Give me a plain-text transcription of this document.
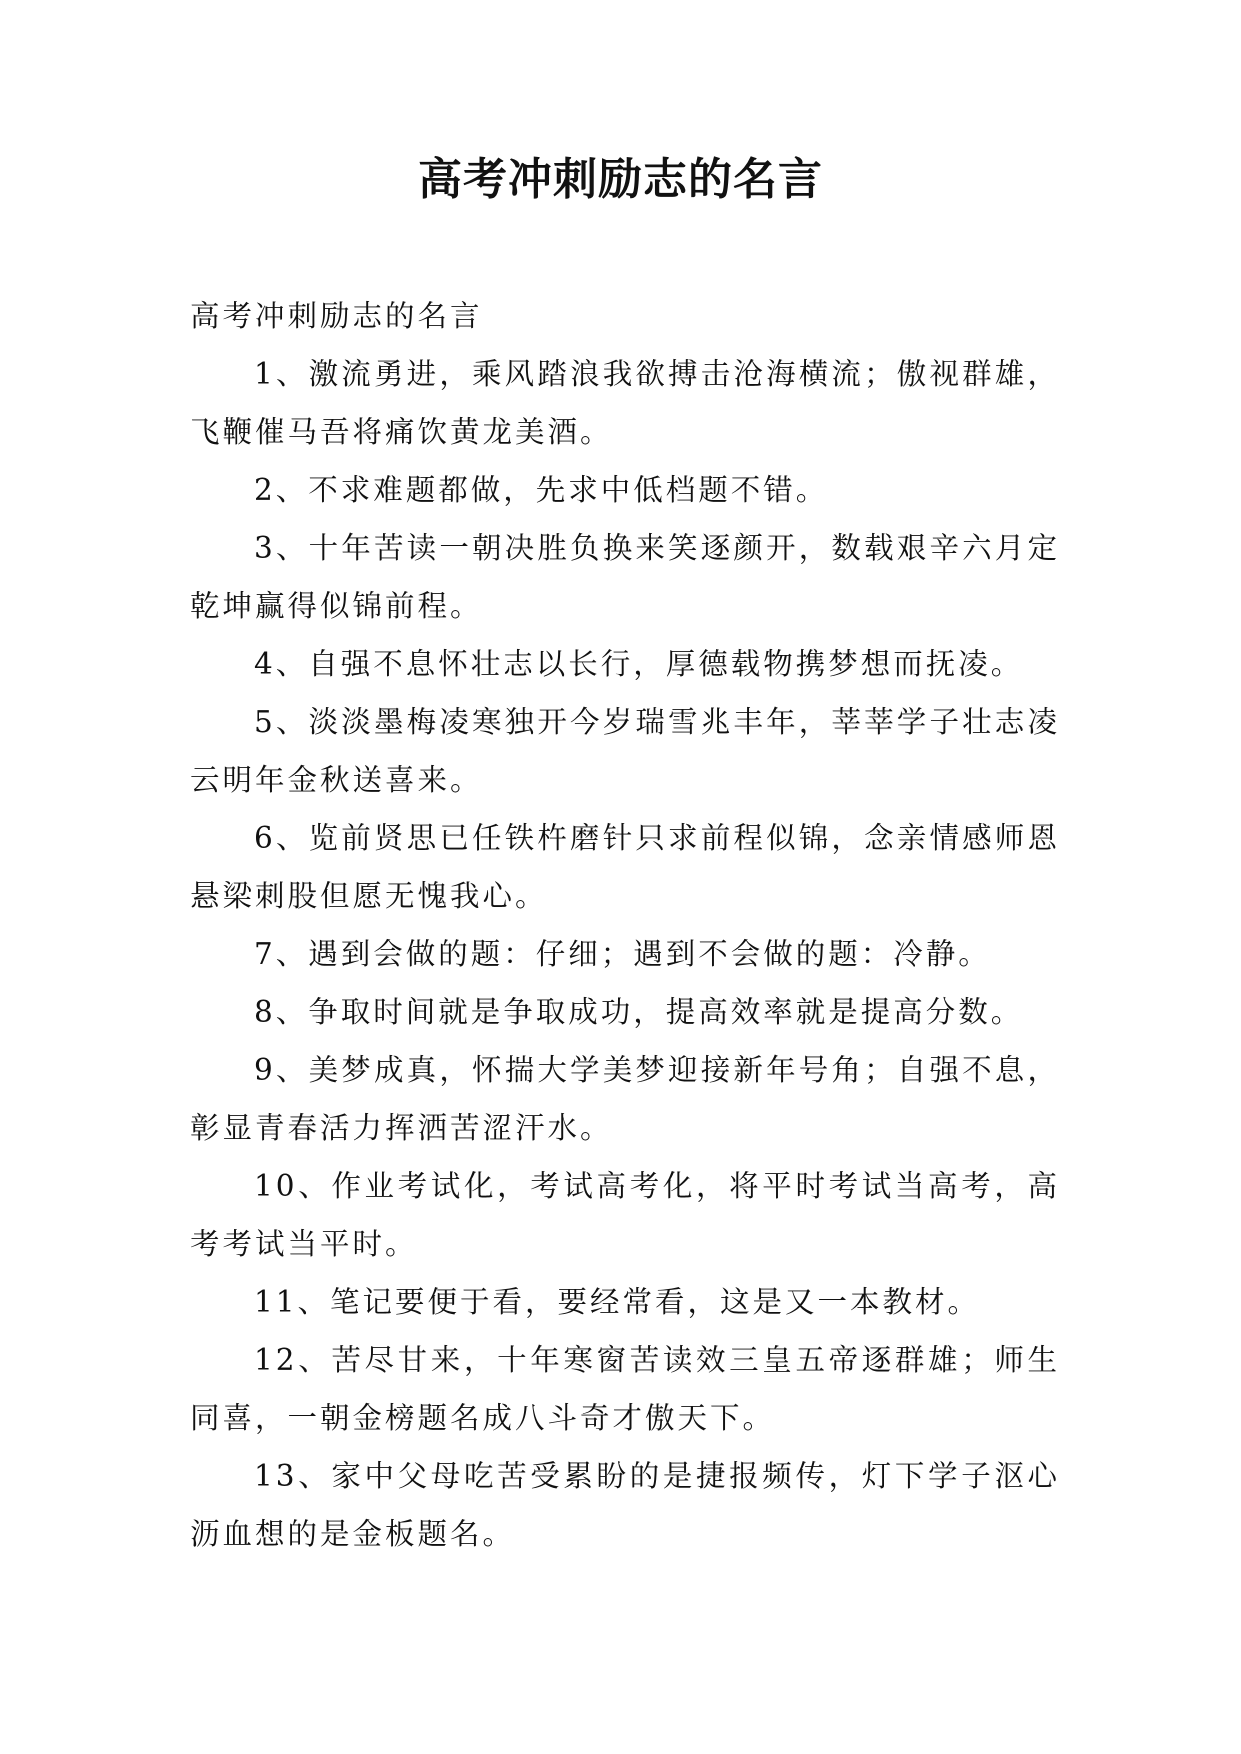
高考冲刺励志的名言

高考冲刺励志的名言

1、激流勇进，乘风踏浪我欲搏击沧海横流；傲视群雄，飞鞭催马吾将痛饮黄龙美酒。

2、不求难题都做，先求中低档题不错。

3、十年苦读一朝决胜负换来笑逐颜开，数载艰辛六月定乾坤赢得似锦前程。

4、自强不息怀壮志以长行，厚德载物携梦想而抚凌。

5、淡淡墨梅凌寒独开今岁瑞雪兆丰年，莘莘学子壮志凌云明年金秋送喜来。

6、览前贤思已任铁杵磨针只求前程似锦，念亲情感师恩悬梁刺股但愿无愧我心。

7、遇到会做的题：仔细；遇到不会做的题：冷静。

8、争取时间就是争取成功，提高效率就是提高分数。

9、美梦成真，怀揣大学美梦迎接新年号角；自强不息，彰显青春活力挥洒苦涩汗水。

10、作业考试化，考试高考化，将平时考试当高考，高考考试当平时。

11、笔记要便于看，要经常看，这是又一本教材。

12、苦尽甘来，十年寒窗苦读效三皇五帝逐群雄；师生同喜，一朝金榜题名成八斗奇才傲天下。

13、家中父母吃苦受累盼的是捷报频传，灯下学子沤心沥血想的是金板题名。
